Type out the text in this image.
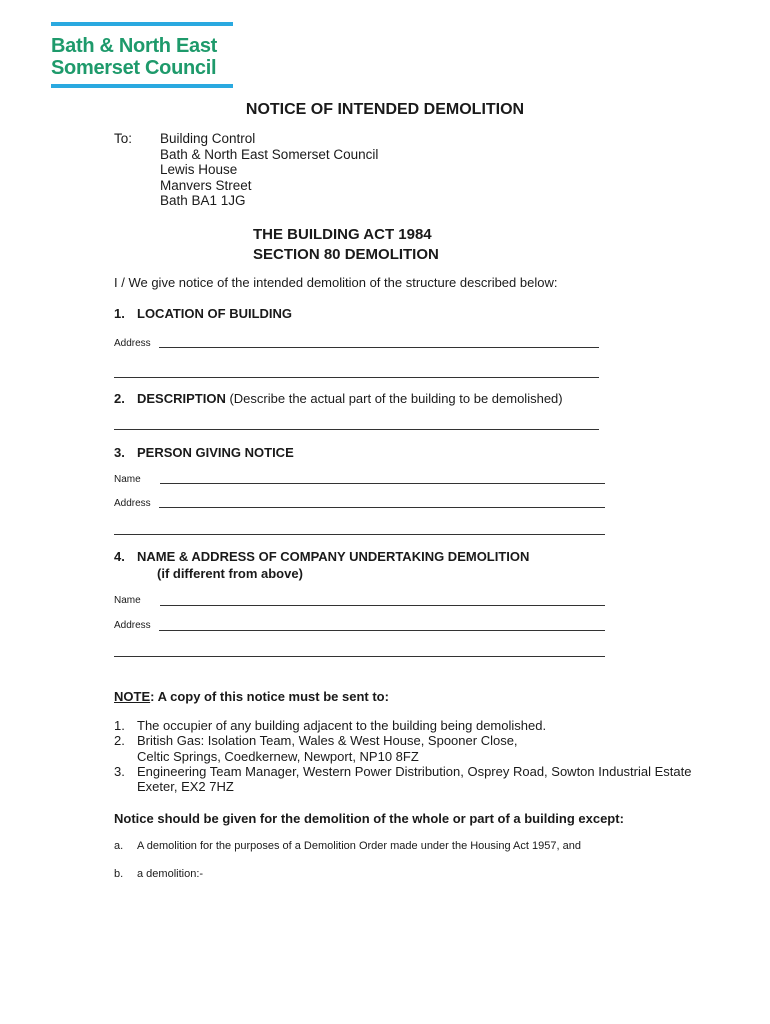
Bath & North East
Somerset Council
NOTICE OF INTENDED DEMOLITION
To: Building Control
Bath & North East Somerset Council
Lewis House
Manvers Street
Bath BA1 1JG
THE BUILDING ACT 1984
SECTION 80 DEMOLITION
I / We give notice of the intended demolition of the structure described below:
1. LOCATION OF BUILDING
Address
2. DESCRIPTION (Describe the actual part of the building to be demolished)
3. PERSON GIVING NOTICE
Name
Address
4. NAME & ADDRESS OF COMPANY UNDERTAKING DEMOLITION
(if different from above)
Name
Address
NOTE: A copy of this notice must be sent to:
1. The occupier of any building adjacent to the building being demolished.
2. British Gas: Isolation Team, Wales & West House, Spooner Close,
Celtic Springs, Coedkernew, Newport, NP10 8FZ
3. Engineering Team Manager, Western Power Distribution, Osprey Road, Sowton Industrial Estate
Exeter, EX2 7HZ
Notice should be given for the demolition of the whole or part of a building except:
a. A demolition for the purposes of a Demolition Order made under the Housing Act 1957, and
b. a demolition:-
